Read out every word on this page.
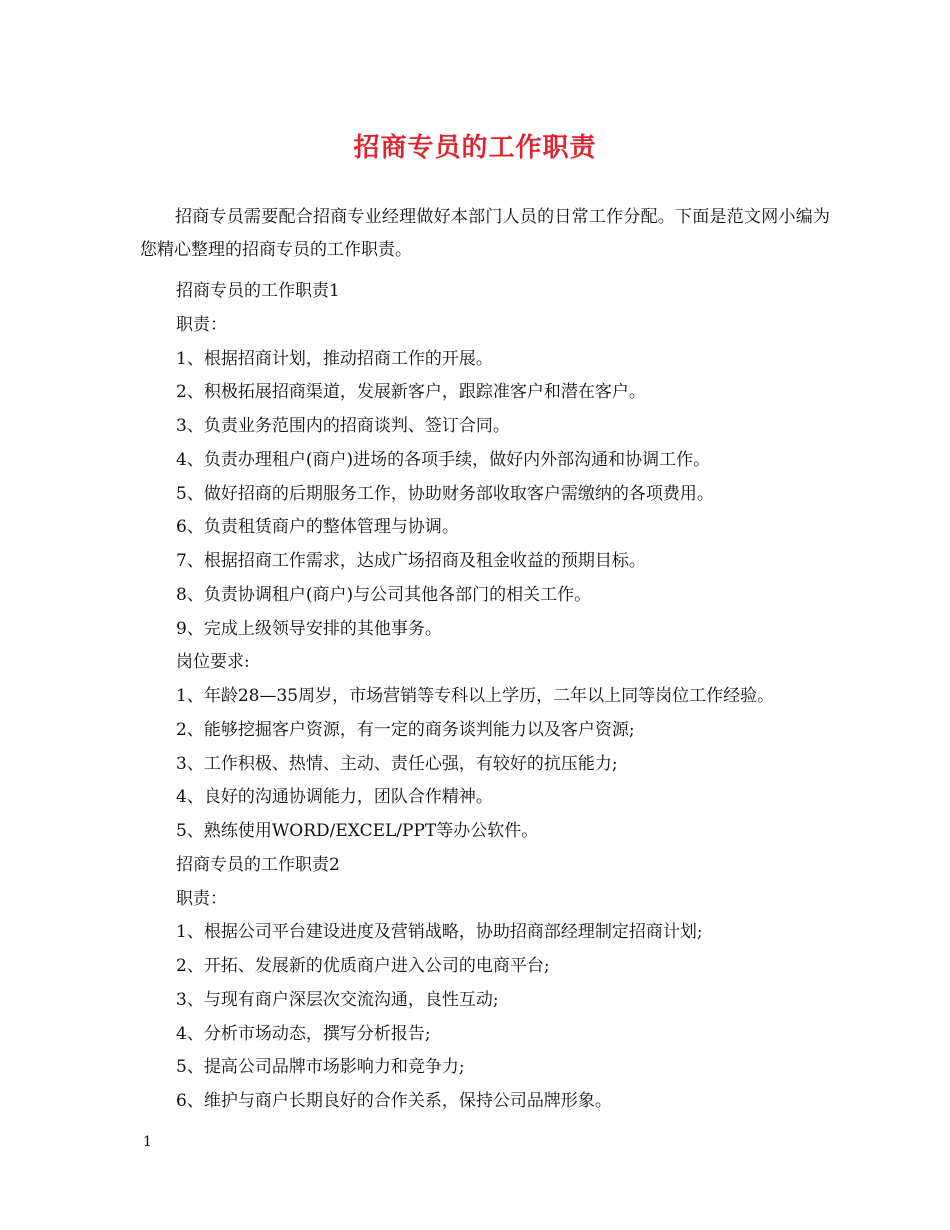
招商专员的工作职责

招商专员需要配合招商专业经理做好本部门人员的日常工作分配。下面是范文网小编为您精心整理的招商专员的工作职责。

招商专员的工作职责1
职责：
1、根据招商计划，推动招商工作的开展。
2、积极拓展招商渠道，发展新客户，跟踪准客户和潜在客户。
3、负责业务范围内的招商谈判、签订合同。
4、负责办理租户(商户)进场的各项手续，做好内外部沟通和协调工作。
5、做好招商的后期服务工作，协助财务部收取客户需缴纳的各项费用。
6、负责租赁商户的整体管理与协调。
7、根据招商工作需求，达成广场招商及租金收益的预期目标。
8、负责协调租户(商户)与公司其他各部门的相关工作。
9、完成上级领导安排的其他事务。
岗位要求:
1、年龄28—35周岁，市场营销等专科以上学历，二年以上同等岗位工作经验。
2、能够挖掘客户资源，有一定的商务谈判能力以及客户资源;
3、工作积极、热情、主动、责任心强，有较好的抗压能力;
4、良好的沟通协调能力，团队合作精神。
5、熟练使用WORD/EXCEL/PPT等办公软件。
招商专员的工作职责2
职责：
1、根据公司平台建设进度及营销战略，协助招商部经理制定招商计划;
2、开拓、发展新的优质商户进入公司的电商平台;
3、与现有商户深层次交流沟通，良性互动;
4、分析市场动态，撰写分析报告;
5、提高公司品牌市场影响力和竞争力;
6、维护与商户长期良好的合作关系，保持公司品牌形象。
1
